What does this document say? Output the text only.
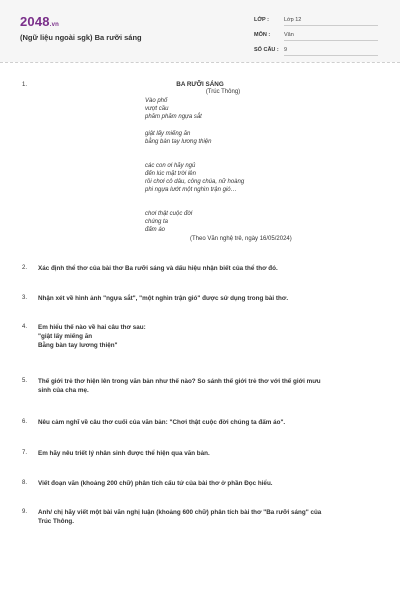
2048.vn
(Ngữ liệu ngoài sgk) Ba rưỡi sáng
LỚP :	Lớp 12
MÔN :	Văn
SỐ CÂU : 9
1.	BA RƯỠI SÁNG
(Trúc Thông)
Vào phố
vượt cầu
phăm phăm ngựa sắt
giật lấy miếng ăn
bằng bàn tay lương thiện
các con ơi hãy ngủ
đến lúc mặt trời lên
rồi chơi cô dâu, công chúa, nữ hoàng
phi ngựa lướt một nghìn trận gió…
chơi thật cuộc đời
chúng ta
đấm áo
(Theo Văn nghệ trẻ, ngày 16/05/2024)
2. Xác định thể thơ của bài thơ Ba rưỡi sáng và dấu hiệu nhận biết của thể thơ đó.
3. Nhận xét về hình ảnh "ngựa sắt", "một nghìn trận gió" được sử dụng trong bài thơ.
4. Em hiểu thế nào về hai câu thơ sau:
"giật lấy miếng ăn
Bằng bàn tay lương thiện"
5. Thế giới trẻ thơ hiện lên trong văn bản như thế nào? So sánh thế giới trẻ thơ với thế giới mưu
sinh của cha mẹ.
6. Nêu cảm nghĩ về câu thơ cuối của văn bản: "Chơi thật cuộc đời chúng ta đấm áo".
7. Em hãy nêu triết lý nhân sinh được thể hiện qua văn bản.
8. Viết đoạn văn (khoảng 200 chữ) phân tích cấu tứ của bài thơ ở phần Đọc hiểu.
9. Anh/ chị hãy viết một bài văn nghị luận (khoảng 600 chữ) phân tích bài thơ "Ba rưỡi sáng" của
Trúc Thông.
